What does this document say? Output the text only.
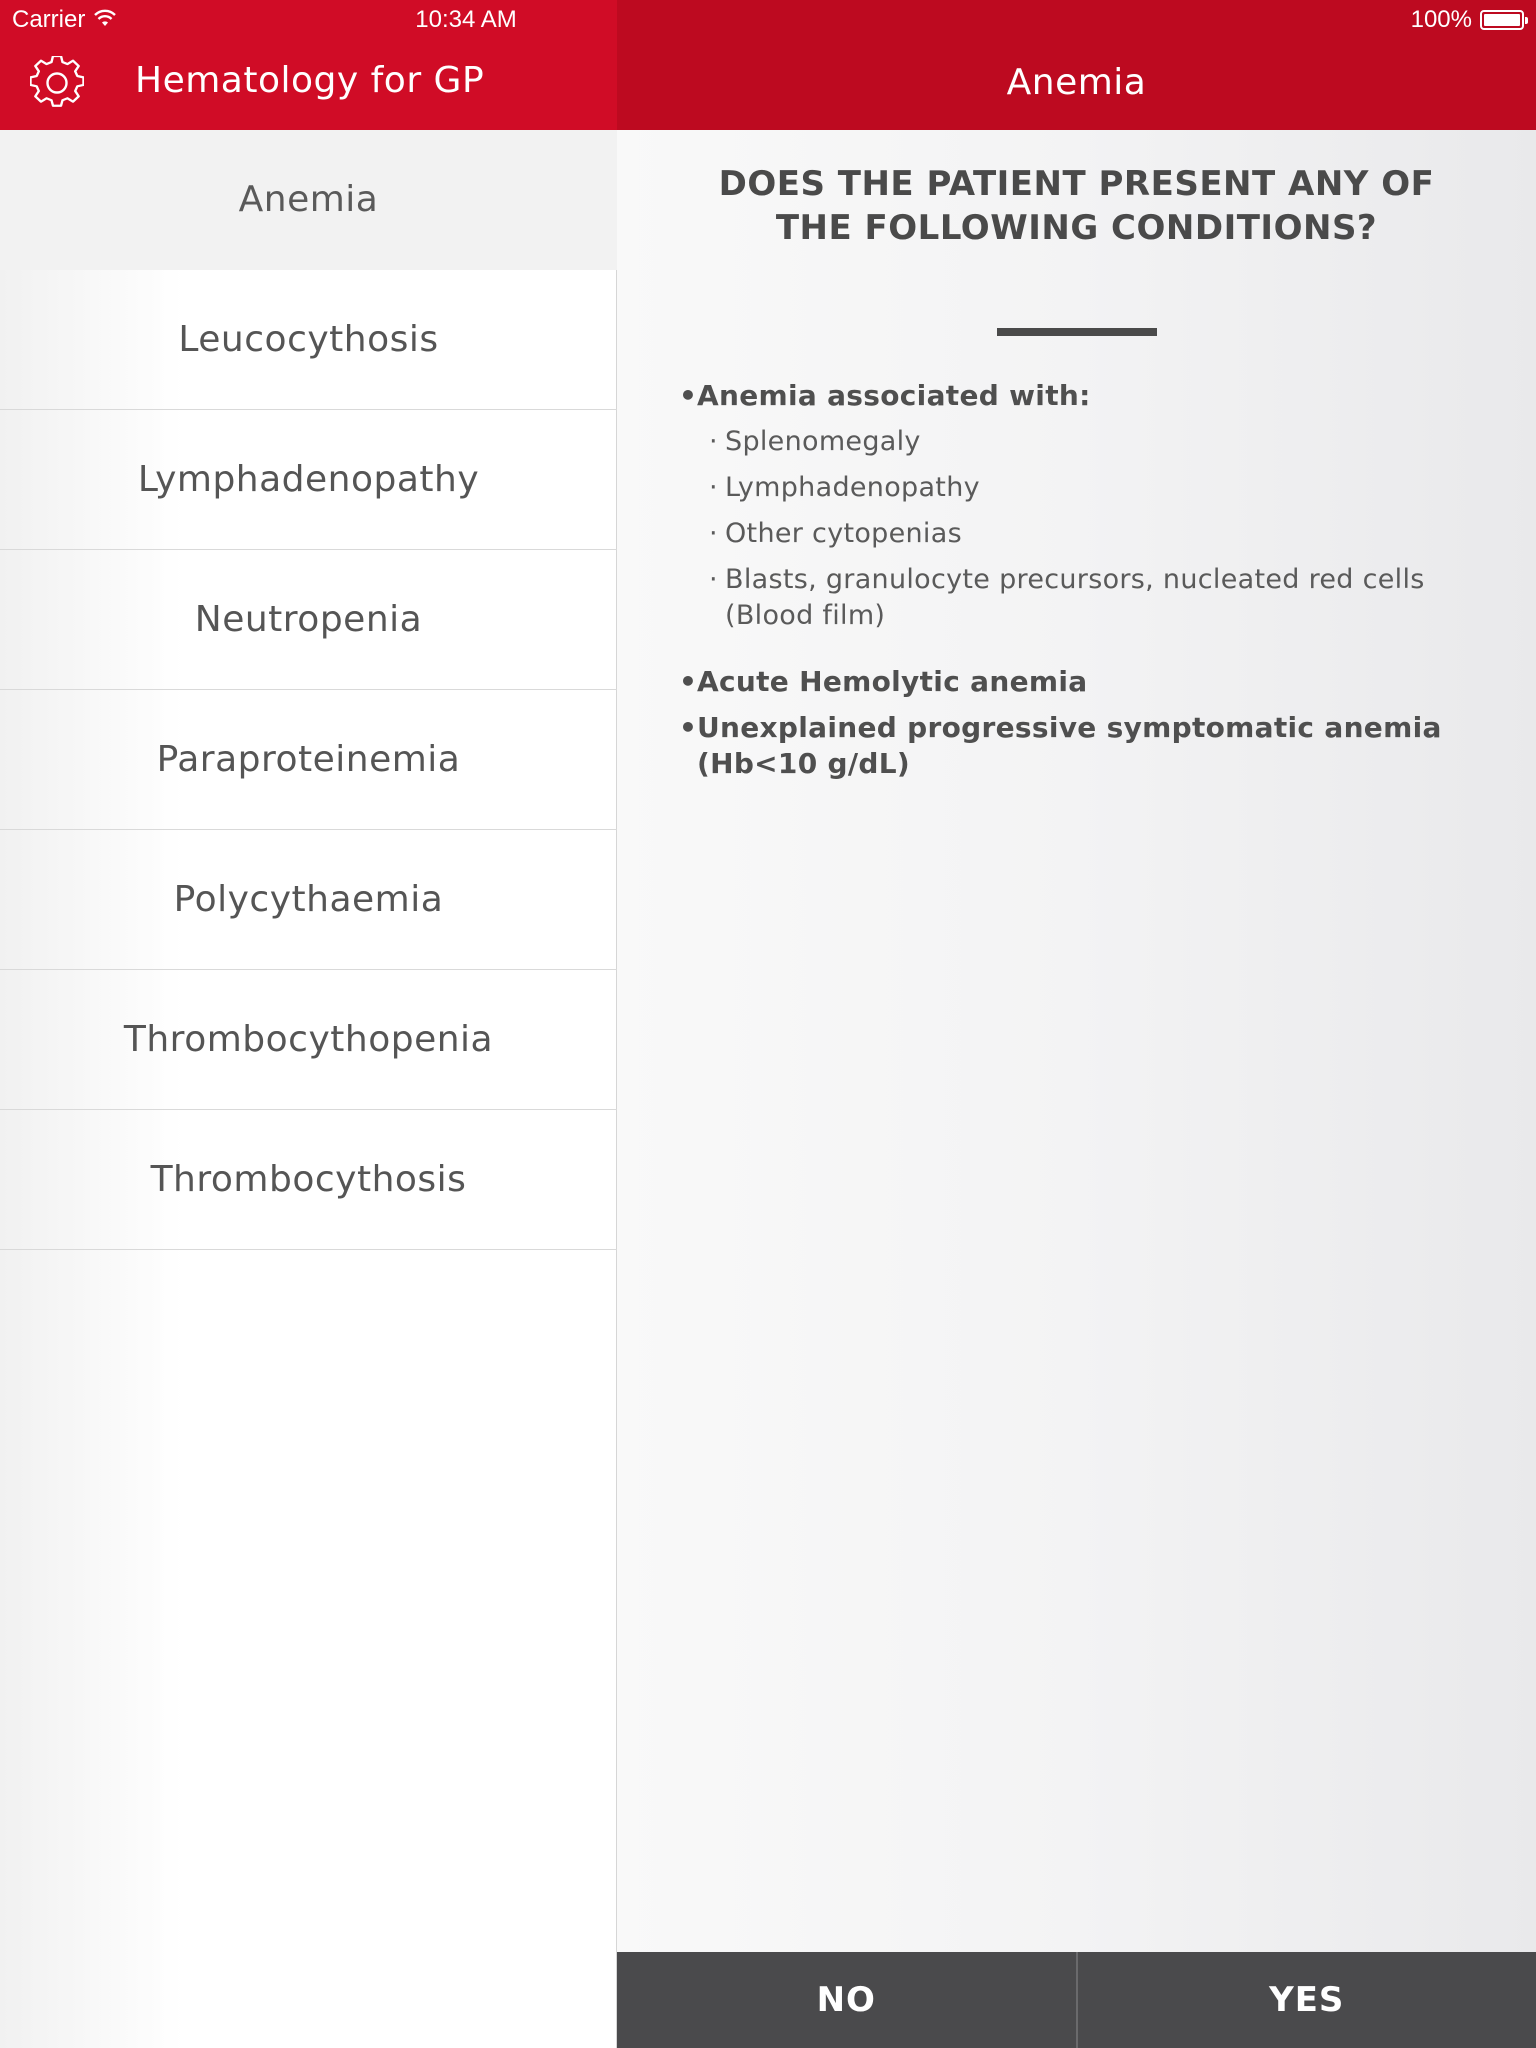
Hematology for GP
Anemia
Leucocythosis
Lymphadenopathy
Neutropenia
Paraproteinemia
Polycythaemia
Thrombocythopenia
Thrombocythosis
Anemia
DOES THE PATIENT PRESENT ANY OF THE FOLLOWING CONDITIONS?
• Anemia associated with:
· Splenomegaly
· Lymphadenopathy
· Other cytopenias
· Blasts, granulocyte precursors, nucleated red cells (Blood film)
• Acute Hemolytic anemia
• Unexplained progressive symptomatic anemia (Hb<10 g/dL)
NO	YES
Carrier	10:34 AM	100%
